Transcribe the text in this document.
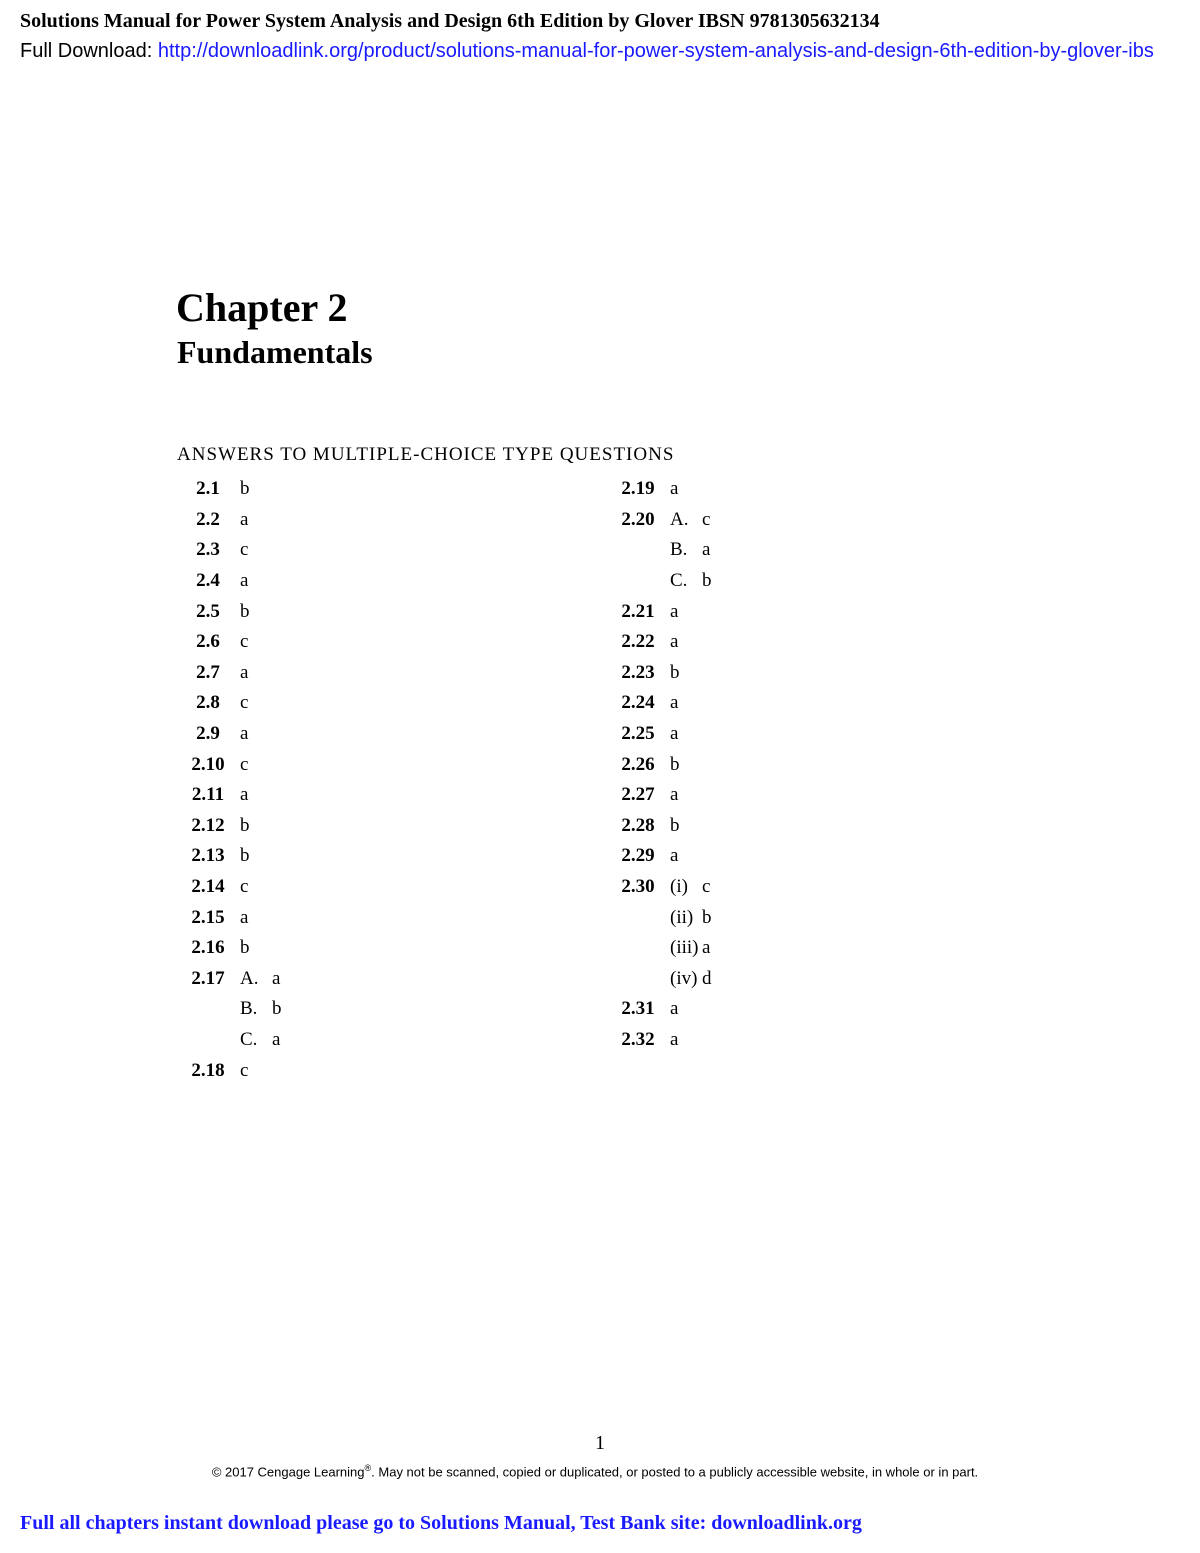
Solutions Manual for Power System Analysis and Design 6th Edition by Glover IBSN 9781305632134
Full Download: http://downloadlink.org/product/solutions-manual-for-power-system-analysis-and-design-6th-edition-by-glover-ibs
Chapter 2
Fundamentals
ANSWERS TO MULTIPLE-CHOICE TYPE QUESTIONS
2.1	b
2.2	a
2.3	c
2.4	a
2.5	b
2.6	c
2.7	a
2.8	c
2.9	a
2.10 c
2.11 a
2.12 b
2.13 b
2.14 c
2.15 a
2.16 b
2.17 A. a
B. b
C. a
2.18 c
2.19 a
2.20 A. c
B. a
C. b
2.21 a
2.22 a
2.23 b
2.24 a
2.25 a
2.26 b
2.27 a
2.28 b
2.29 a
2.30 (i) c
(ii) b
(iii) a
(iv) d
2.31 a
2.32 a
1
© 2017 Cengage Learning®. May not be scanned, copied or duplicated, or posted to a publicly accessible website, in whole or in part.
Full all chapters instant download please go to Solutions Manual, Test Bank site: downloadlink.org
